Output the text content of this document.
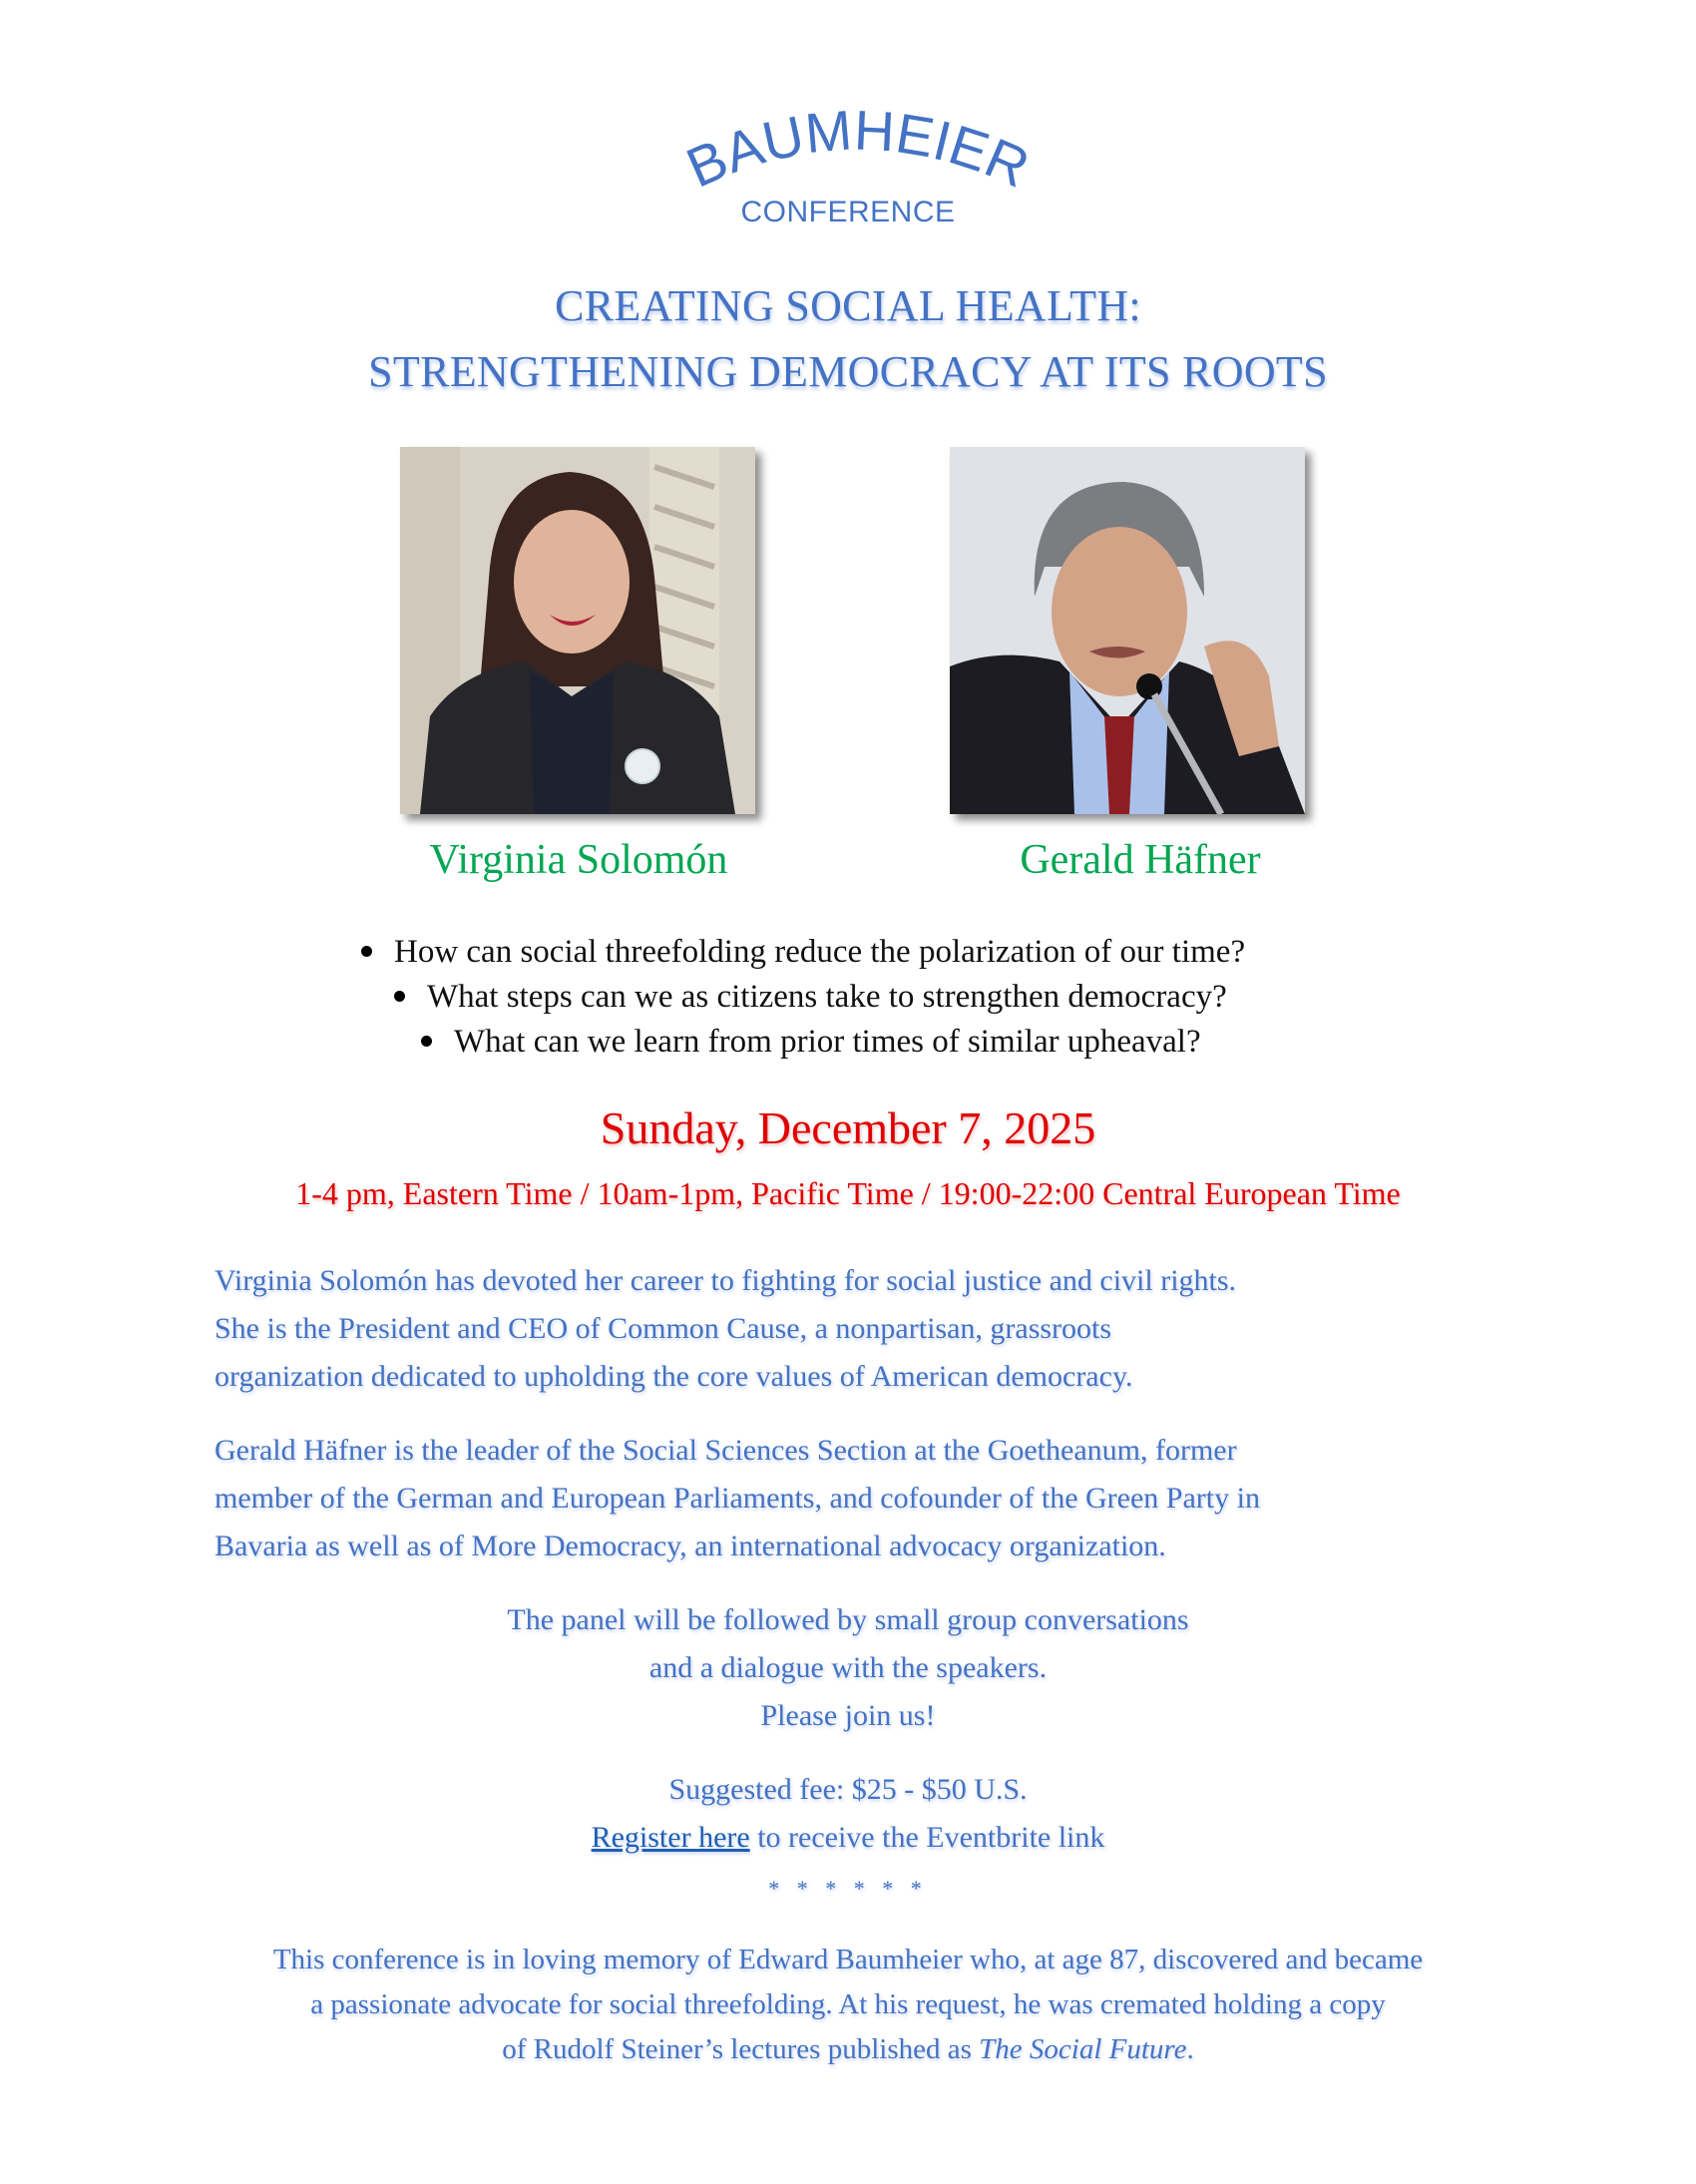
BAUMHEIER
CONFERENCE
CREATING SOCIAL HEALTH:
STRENGTHENING DEMOCRACY AT ITS ROOTS
Virginia Solomón	Gerald Häfner
How can social threefolding reduce the polarization of our time?
What steps can we as citizens take to strengthen democracy?
What can we learn from prior times of similar upheaval?
Sunday, December 7, 2025
1-4 pm, Eastern Time / 10am-1pm, Pacific Time / 19:00-22:00 Central European Time
Virginia Solomón has devoted her career to fighting for social justice and civil rights.
She is the President and CEO of Common Cause, a nonpartisan, grassroots
organization dedicated to upholding the core values of American democracy.
Gerald Häfner is the leader of the Social Sciences Section at the Goetheanum, former
member of the German and European Parliaments, and cofounder of the Green Party in
Bavaria as well as of More Democracy, an international advocacy organization.
The panel will be followed by small group conversations
and a dialogue with the speakers.
Please join us!
Suggested fee: $25 - $50 U.S.
Register here to receive the Eventbrite link
* * * * * *
This conference is in loving memory of Edward Baumheier who, at age 87, discovered and became
a passionate advocate for social threefolding. At his request, he was cremated holding a copy
of Rudolf Steiner’s lectures published as The Social Future.
